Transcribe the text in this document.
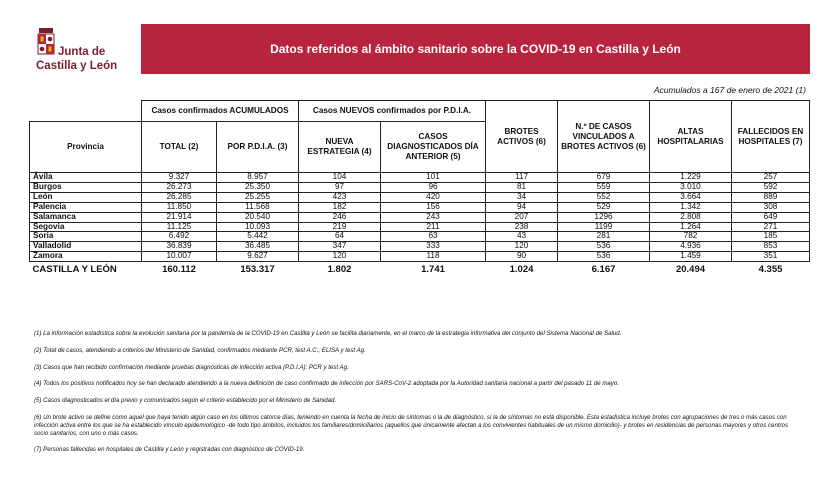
Junta de
Castilla y León
Datos referidos al ámbito sanitario sobre la COVID-19 en Castilla y León
Acumulados a 167 de enero de 2021 (1)
	Casos confirmados ACUMULADOS		Casos NUEVOS confirmados por P.D.I.A.		BROTES ACTIVOS (6)	N.º DE CASOS VINCULADOS A BROTES ACTIVOS (6)	ALTAS HOSPITALARIAS	FALLECIDOS EN HOSPITALES (7)
Provincia	TOTAL (2)	POR P.D.I.A. (3)	NUEVA ESTRATEGIA (4)	CASOS DIAGNOSTICADOS DÍA ANTERIOR (5)				
Ávila	9.327	8.957	104	101	117	679	1.229	257
Burgos	26.273	25.350	97	96	81	559	3.010	592
León	26.285	25.255	423	420	34	552	3.664	889
Palencia	11.850	11.568	182	156	94	529	1.342	308
Salamanca	21.914	20.540	246	243	207	1296	2.808	649
Segovia	11.125	10.093	219	211	238	1199	1.264	271
Soria	6.492	5.442	64	63	43	281	782	185
Valladolid	36.839	36.485	347	333	120	536	4.936	853
Zamora	10.007	9.627	120	118	90	536	1.459	351
CASTILLA Y LEÓN	160.112	153.317	1.802	1.741	1.024	6.167	20.494	4.355

(1) La información estadística sobre la evolución sanitaria por la pandemia de la COVID-19 en Castilla y León se facilita diariamente, en el marco de la estrategia informativa del conjunto del Sistema Nacional de Salud.

(2) Total de casos, atendiendo a criterios del Ministerio de Sanidad, confirmados mediante PCR, test A.C., ELISA y test Ag.

(3) Casos que han recibido confirmación mediante pruebas diagnósticas de infección activa (P.D.I.A): PCR y test Ag.

(4) Todos los positivos notificados hoy se han declarado atendiendo a la nueva definición de caso confirmado de infección por SARS-CoV-2 adoptada por la Autoridad sanitaria nacional a partir del pasado 11 de mayo.

(5) Casos diagnosticados el día previo y comunicados según el criterio establecido por el Ministerio de Sanidad.

(6) Un brote activo se define como aquel que haya tenido algún caso en los últimos catorce días, teniendo en cuenta la fecha de inicio de síntomas o la de diagnóstico, si la de síntomas no está disponible. Esta estadística incluye brotes con agrupaciones de tres o más casos con infección activa entre los que se ha establecido vínculo epidemiológico -de todo tipo ámbitos, incluidos los familiares/domiciliarios (aquellos que únicamente afectan a los convivientes habituales de un mismo domicilio)- y brotes en residencias de personas mayores y otros centros socio sanitarios, con uno o más casos.

(7) Personas fallecidas en hospitales de Castilla y León y registradas con diagnóstico de COVID-19.
